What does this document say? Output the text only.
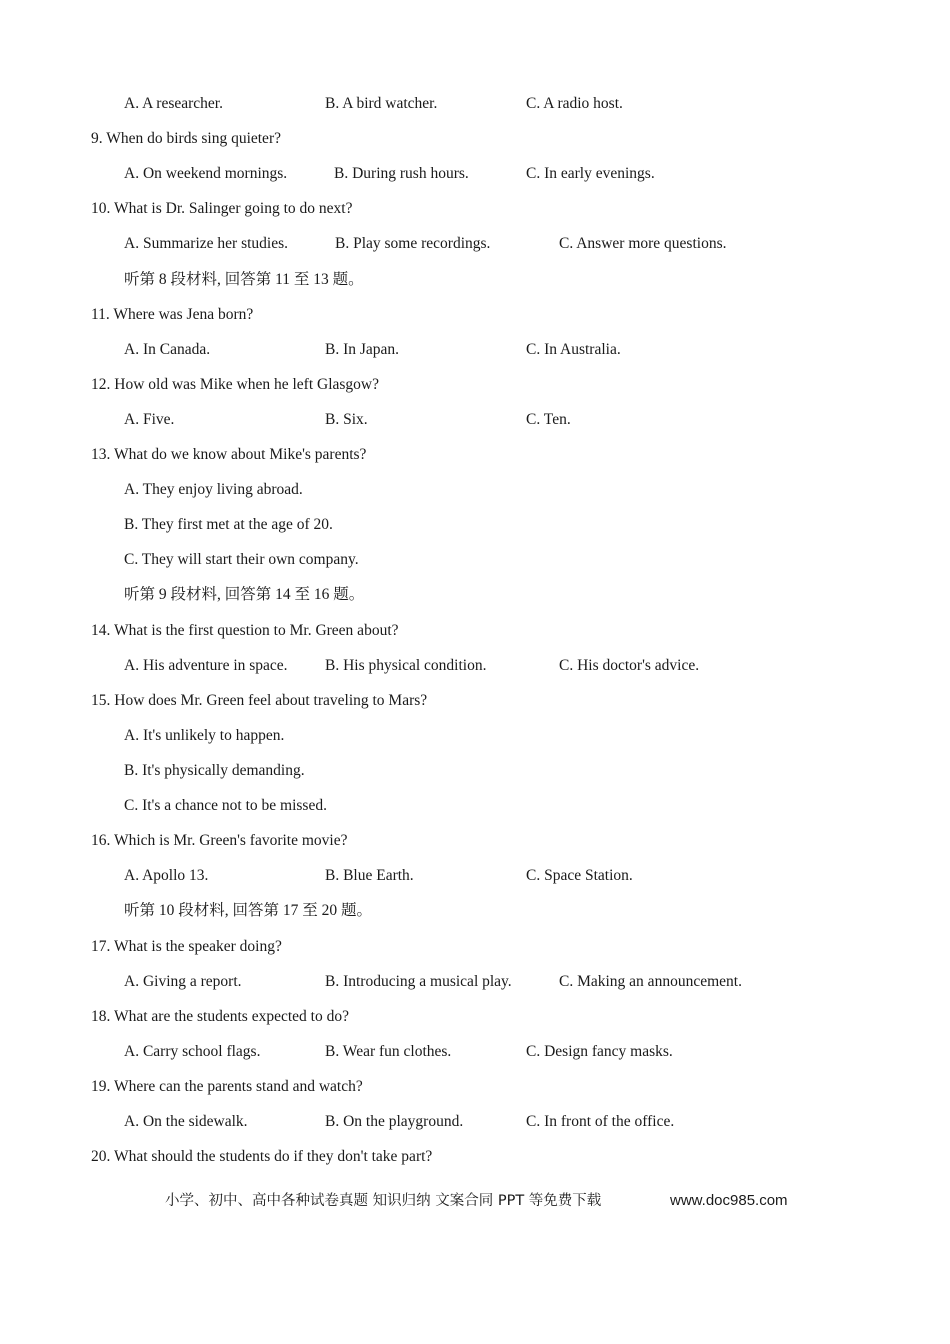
A. A researcher.	B. A bird watcher.	C. A radio host.
9. When do birds sing quieter?
A. On weekend mornings.	B. During rush hours.	C. In early evenings.
10. What is Dr. Salinger going to do next?
A. Summarize her studies.	B. Play some recordings.	C. Answer more questions.
听第 8 段材料, 回答第 11 至 13 题。
11. Where was Jena born?
A. In Canada.	B. In Japan.	C. In Australia.
12. How old was Mike when he left Glasgow?
A. Five.	B. Six.	C. Ten.
13. What do we know about Mike's parents?
A. They enjoy living abroad.
B. They first met at the age of 20.
C. They will start their own company.
听第 9 段材料, 回答第 14 至 16 题。
14. What is the first question to Mr. Green about?
A. His adventure in space. B. His physical condition.	C. His doctor's advice.
15. How does Mr. Green feel about traveling to Mars?
A. It's unlikely to happen.
B. It's physically demanding.
C. It's a chance not to be missed.
16. Which is Mr. Green's favorite movie?
A. Apollo 13.	B. Blue Earth.	C. Space Station.
听第 10 段材料, 回答第 17 至 20 题。
17. What is the speaker doing?
A. Giving a report.	B. Introducing a musical play.	C. Making an announcement.
18. What are the students expected to do?
A. Carry school flags.	B. Wear fun clothes.	C. Design fancy masks.
19. Where can the parents stand and watch?
A. On the sidewalk.	B. On the playground.	C. In front of the office.
20. What should the students do if they don't take part?
小学、初中、高中各种试卷真题 知识归纳 文案合同 PPT 等免费下载	www.doc985.com
